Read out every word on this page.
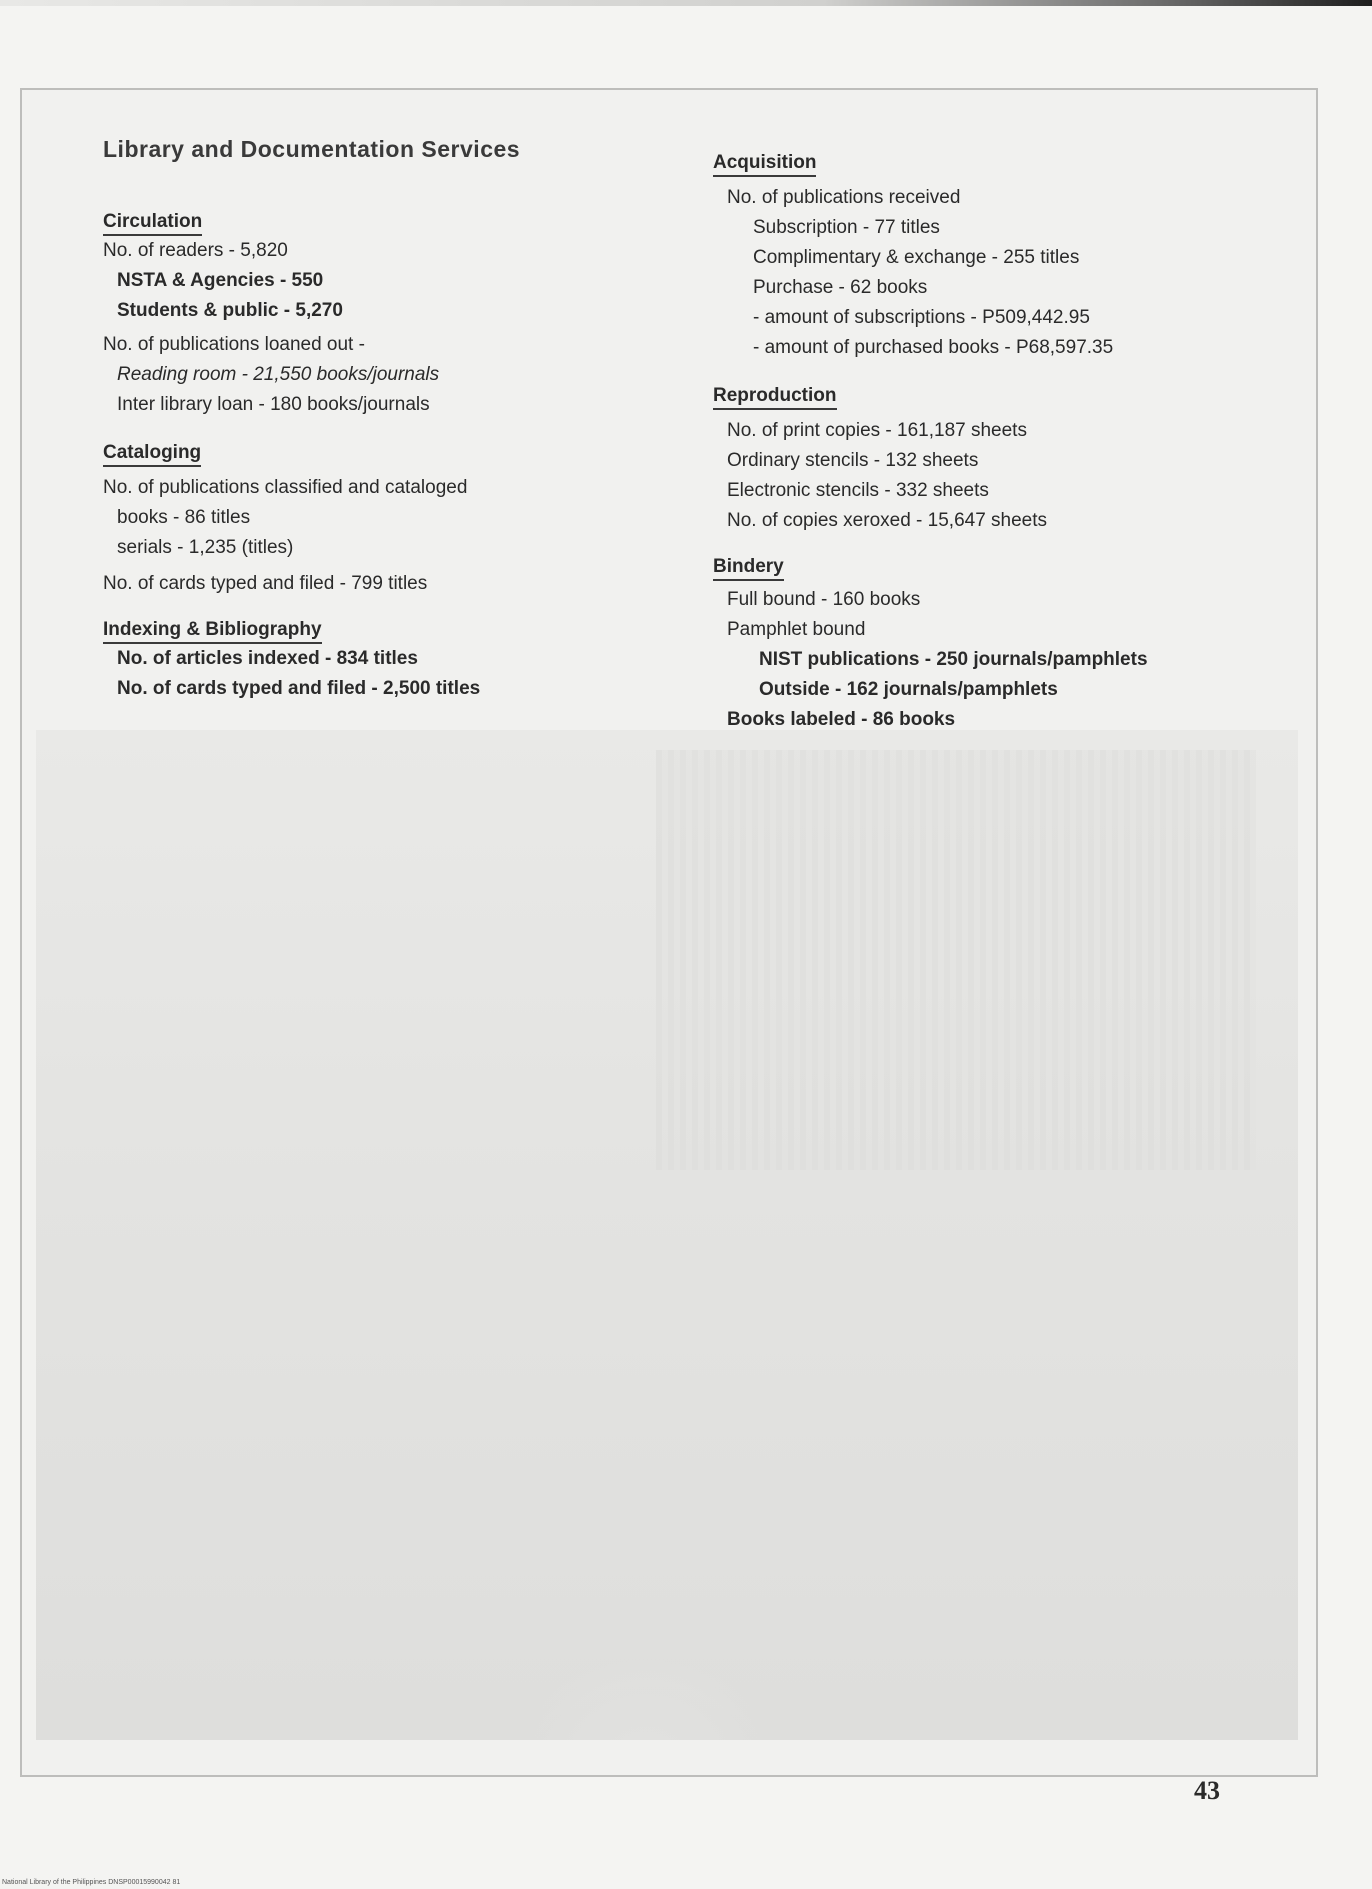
Library and Documentation Services
Circulation
No. of readers - 5,820
NSTA & Agencies - 550
Students & public - 5,270
No. of publications loaned out -
Reading room - 21,550 books/journals
Inter library loan - 180 books/journals
Cataloging
No. of publications classified and cataloged
books - 86 titles
serials - 1,235 (titles)
No. of cards typed and filed - 799 titles
Indexing & Bibliography
No. of articles indexed - 834 titles
No. of cards typed and filed - 2,500 titles
Acquisition
No. of publications received
Subscription - 77 titles
Complimentary & exchange - 255 titles
Purchase - 62 books
- amount of subscriptions - P509,442.95
- amount of purchased books - P68,597.35
Reproduction
No. of print copies - 161,187 sheets
Ordinary stencils - 132 sheets
Electronic stencils - 332 sheets
No. of copies xeroxed - 15,647 sheets
Bindery
Full bound - 160 books
Pamphlet bound
NIST publications - 250 journals/pamphlets
Outside - 162 journals/pamphlets
Books labeled - 86 books
43
National Library of the Philippines DNSP00015990042 81
